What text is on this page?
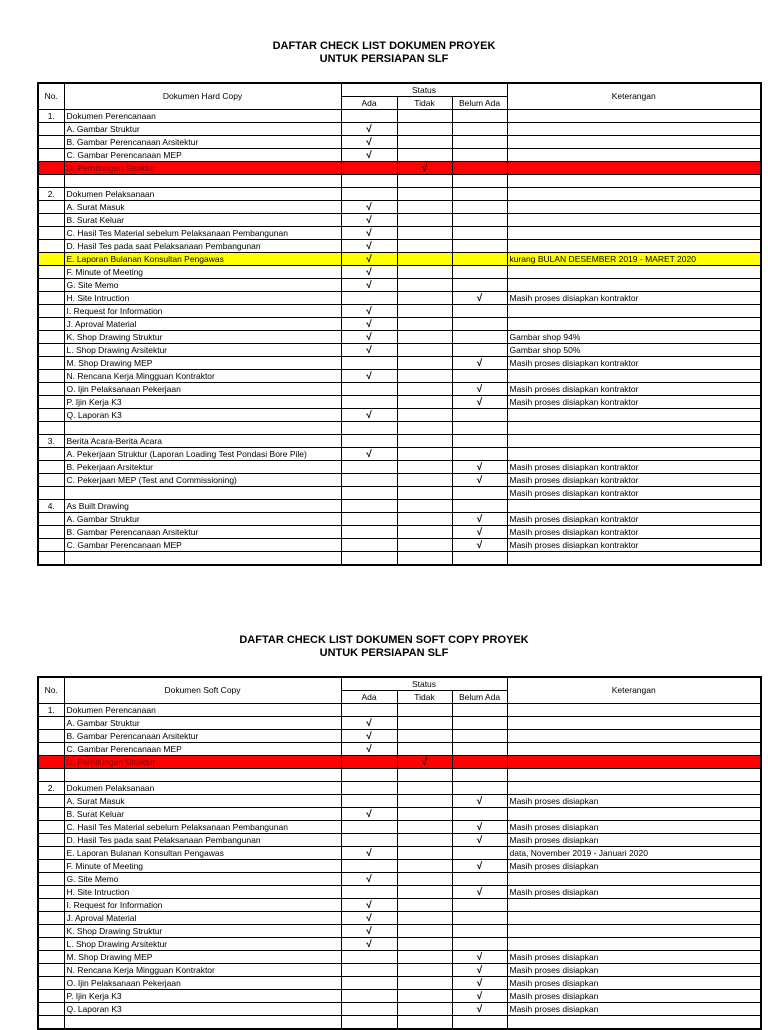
DAFTAR CHECK LIST DOKUMEN PROYEK
UNTUK PERSIAPAN SLF
No.	Dokumen Hard Copy	Status			Keterangan
		Ada	Tidak	Belum Ada	
1.	Dokumen Perencanaan				
	A. Gambar Struktur	√			
	B. Gambar Perencanaan Arsitektur	√			
	C. Gambar Perencanaan MEP	√			
	D. Perhitungan Struktur		√		

2.	Dokumen Pelaksanaan				
	A. Surat Masuk	√			
	B. Surat Keluar	√			
	C. Hasil Tes Material sebelum Pelaksanaan Pembangunan	√			
	D. Hasil Tes pada saat Pelaksanaan Pembangunan	√			
	E. Laporan Bulanan Konsultan Pengawas	√			kurang BULAN DESEMBER 2019 - MARET 2020
	F. Minute of Meeting	√			
	G. Site Memo	√			
	H. Site Intruction			√	Masih proses disiapkan kontraktor
	I. Request for Information	√			
	J. Aproval Material	√			
	K. Shop Drawing Struktur	√			Gambar shop 94%
	L. Shop Drawing Arsitektur	√			Gambar shop 50%
	M. Shop Drawing MEP			√	Masih proses disiapkan kontraktor
	N. Rencana Kerja Mingguan Kontraktor	√			
	O. Ijin Pelaksanaan Pekerjaan			√	Masih proses disiapkan kontraktor
	P. Ijin Kerja K3			√	Masih proses disiapkan kontraktor
	Q. Laporan K3	√			

3.	Berita Acara-Berita Acara				
	A. Pekerjaan Struktur (Laporan Loading Test Pondasi Bore Pile)	√			
	B. Pekerjaan Arsitektur			√	Masih proses disiapkan kontraktor
	C. Pekerjaan MEP (Test and Commissioning)			√	Masih proses disiapkan kontraktor
					Masih proses disiapkan kontraktor
4.	As Built Drawing				
	A. Gambar Struktur			√	Masih proses disiapkan kontraktor
	B. Gambar Perencanaan Arsitektur			√	Masih proses disiapkan kontraktor
	C. Gambar Perencanaan MEP			√	Masih proses disiapkan kontraktor

DAFTAR CHECK LIST DOKUMEN SOFT COPY PROYEK
UNTUK PERSIAPAN SLF
No.	Dokumen Soft Copy	Status			Keterangan
		Ada	Tidak	Belum Ada	
1.	Dokumen Perencanaan				
	A. Gambar Struktur	√			
	B. Gambar Perencanaan Arsitektur	√			
	C. Gambar Perencanaan MEP	√			
	D. Perhitungan Struktur		√		

2.	Dokumen Pelaksanaan				
	A. Surat Masuk			√	Masih proses disiapkan
	B. Surat Keluar	√			
	C. Hasil Tes Material sebelum Pelaksanaan Pembangunan			√	Masih proses disiapkan
	D. Hasil Tes pada saat Pelaksanaan Pembangunan			√	Masih proses disiapkan
	E. Laporan Bulanan Konsultan Pengawas	√			data, November 2019 - Januari 2020
	F. Minute of Meeting			√	Masih proses disiapkan
	G. Site Memo	√			
	H. Site Intruction			√	Masih proses disiapkan
	I. Request for Information	√			
	J. Aproval Material	√			
	K. Shop Drawing Struktur	√			
	L. Shop Drawing Arsitektur	√			
	M. Shop Drawing MEP			√	Masih proses disiapkan
	N. Rencana Kerja Mingguan Kontraktor			√	Masih proses disiapkan
	O. Ijin Pelaksanaan Pekerjaan			√	Masih proses disiapkan
	P. Ijin Kerja K3			√	Masih proses disiapkan
	Q. Laporan K3			√	Masih proses disiapkan
